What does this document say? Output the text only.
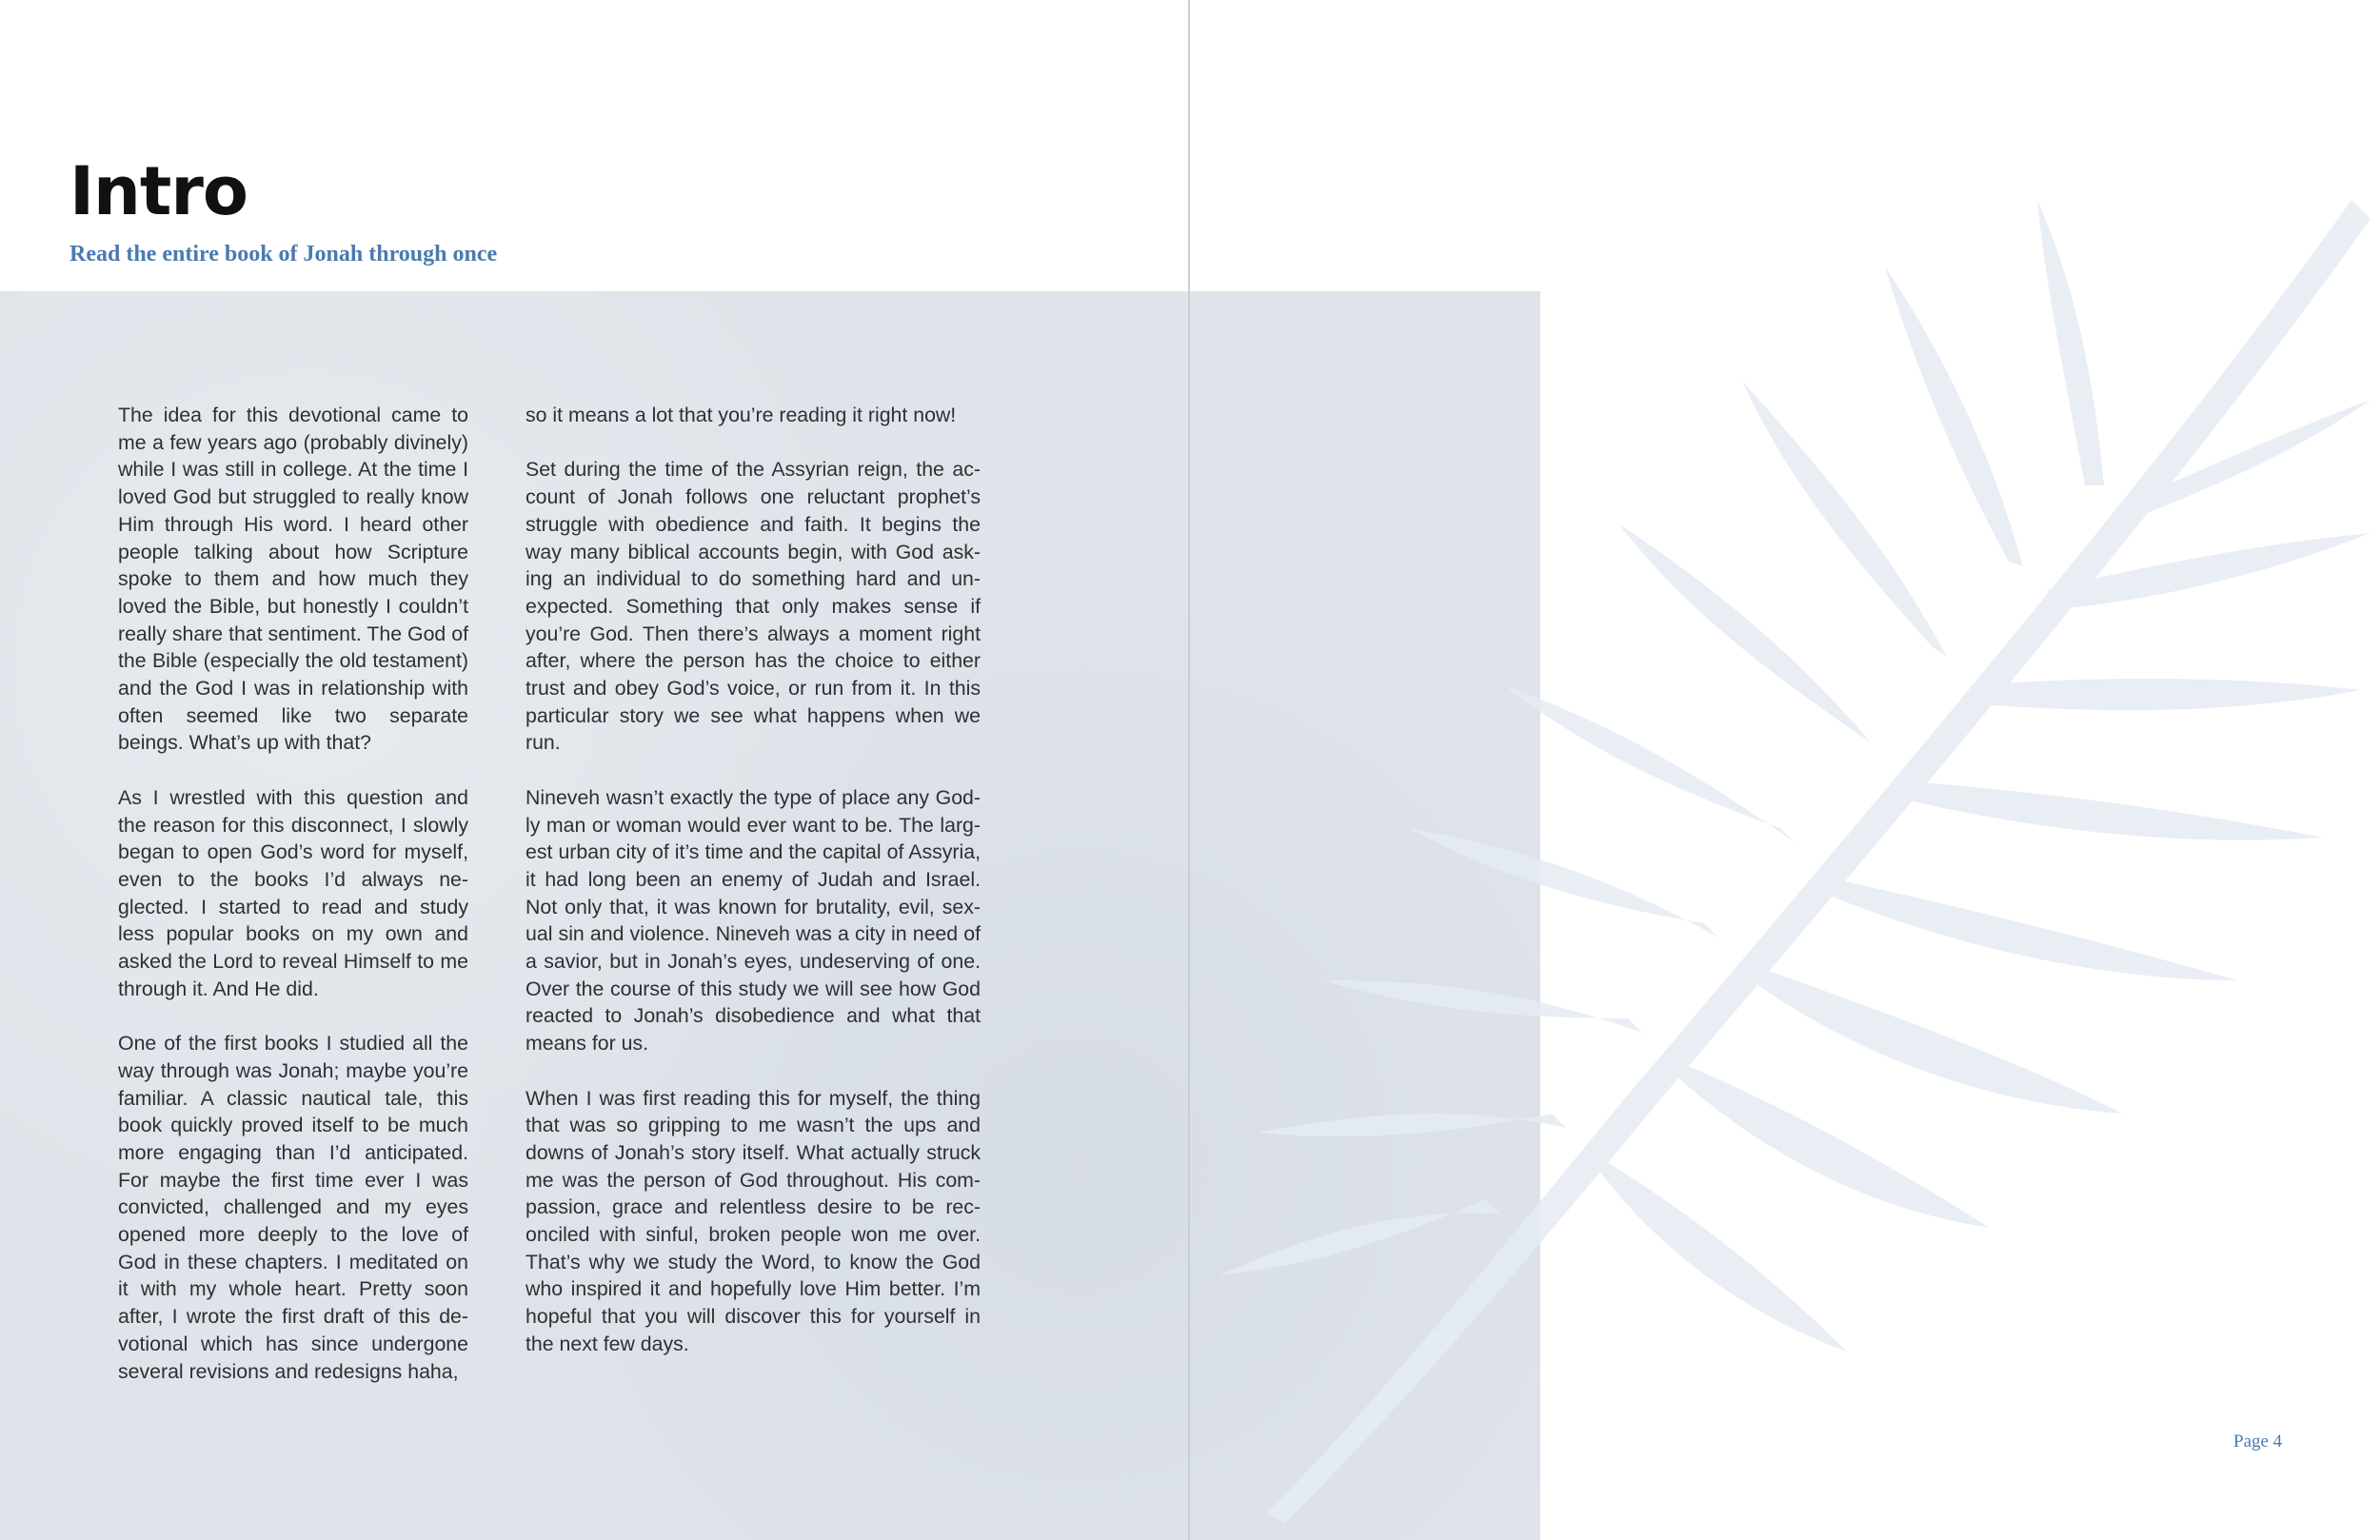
Intro
Read the entire book of Jonah through once

The idea for this devotional came to me a few years ago (probably divinely) while I was still in college. At the time I loved God but struggled to really know Him through His word. I heard other people talking about how Scripture spoke to them and how much they loved the Bible, but honestly I couldn’t really share that sentiment. The God of the Bible (especially the old testament) and the God I was in relationship with often seemed like two separate beings. What’s up with that?

As I wrestled with this question and the reason for this disconnect, I slowly began to open God’s word for myself, even to the books I’d always neglected. I started to read and study less popular books on my own and asked the Lord to reveal Himself to me through it. And He did.

One of the first books I studied all the way through was Jonah; maybe you’re familiar. A classic nautical tale, this book quickly proved itself to be much more engaging than I’d anticipated. For maybe the first time ever I was convicted, challenged and my eyes opened more deeply to the love of God in these chapters. I meditated on it with my whole heart. Pretty soon after, I wrote the first draft of this devotional which has since undergone several revisions and redesigns haha,

so it means a lot that you’re reading it right now!

Set during the time of the Assyrian reign, the account of Jonah follows one reluctant prophet’s struggle with obedience and faith. It begins the way many biblical accounts begin, with God asking an individual to do something hard and unexpected. Something that only makes sense if you’re God. Then there’s always a moment right after, where the person has the choice to either trust and obey God’s voice, or run from it. In this particular story we see what happens when we run.

Nineveh wasn’t exactly the type of place any Godly man or woman would ever want to be. The largest urban city of it’s time and the capital of Assyria, it had long been an enemy of Judah and Israel. Not only that, it was known for brutality, evil, sexual sin and violence. Nineveh was a city in need of a savior, but in Jonah’s eyes, undeserving of one. Over the course of this study we will see how God reacted to Jonah’s disobedience and what that means for us.

When I was first reading this for myself, the thing that was so gripping to me wasn’t the ups and downs of Jonah’s story itself. What actually struck me was the person of God throughout. His compassion, grace and relentless desire to be reconciled with sinful, broken people won me over. That’s why we study the Word, to know the God who inspired it and hopefully love Him better. I’m hopeful that you will discover this for yourself in the next few days.

Page 4
